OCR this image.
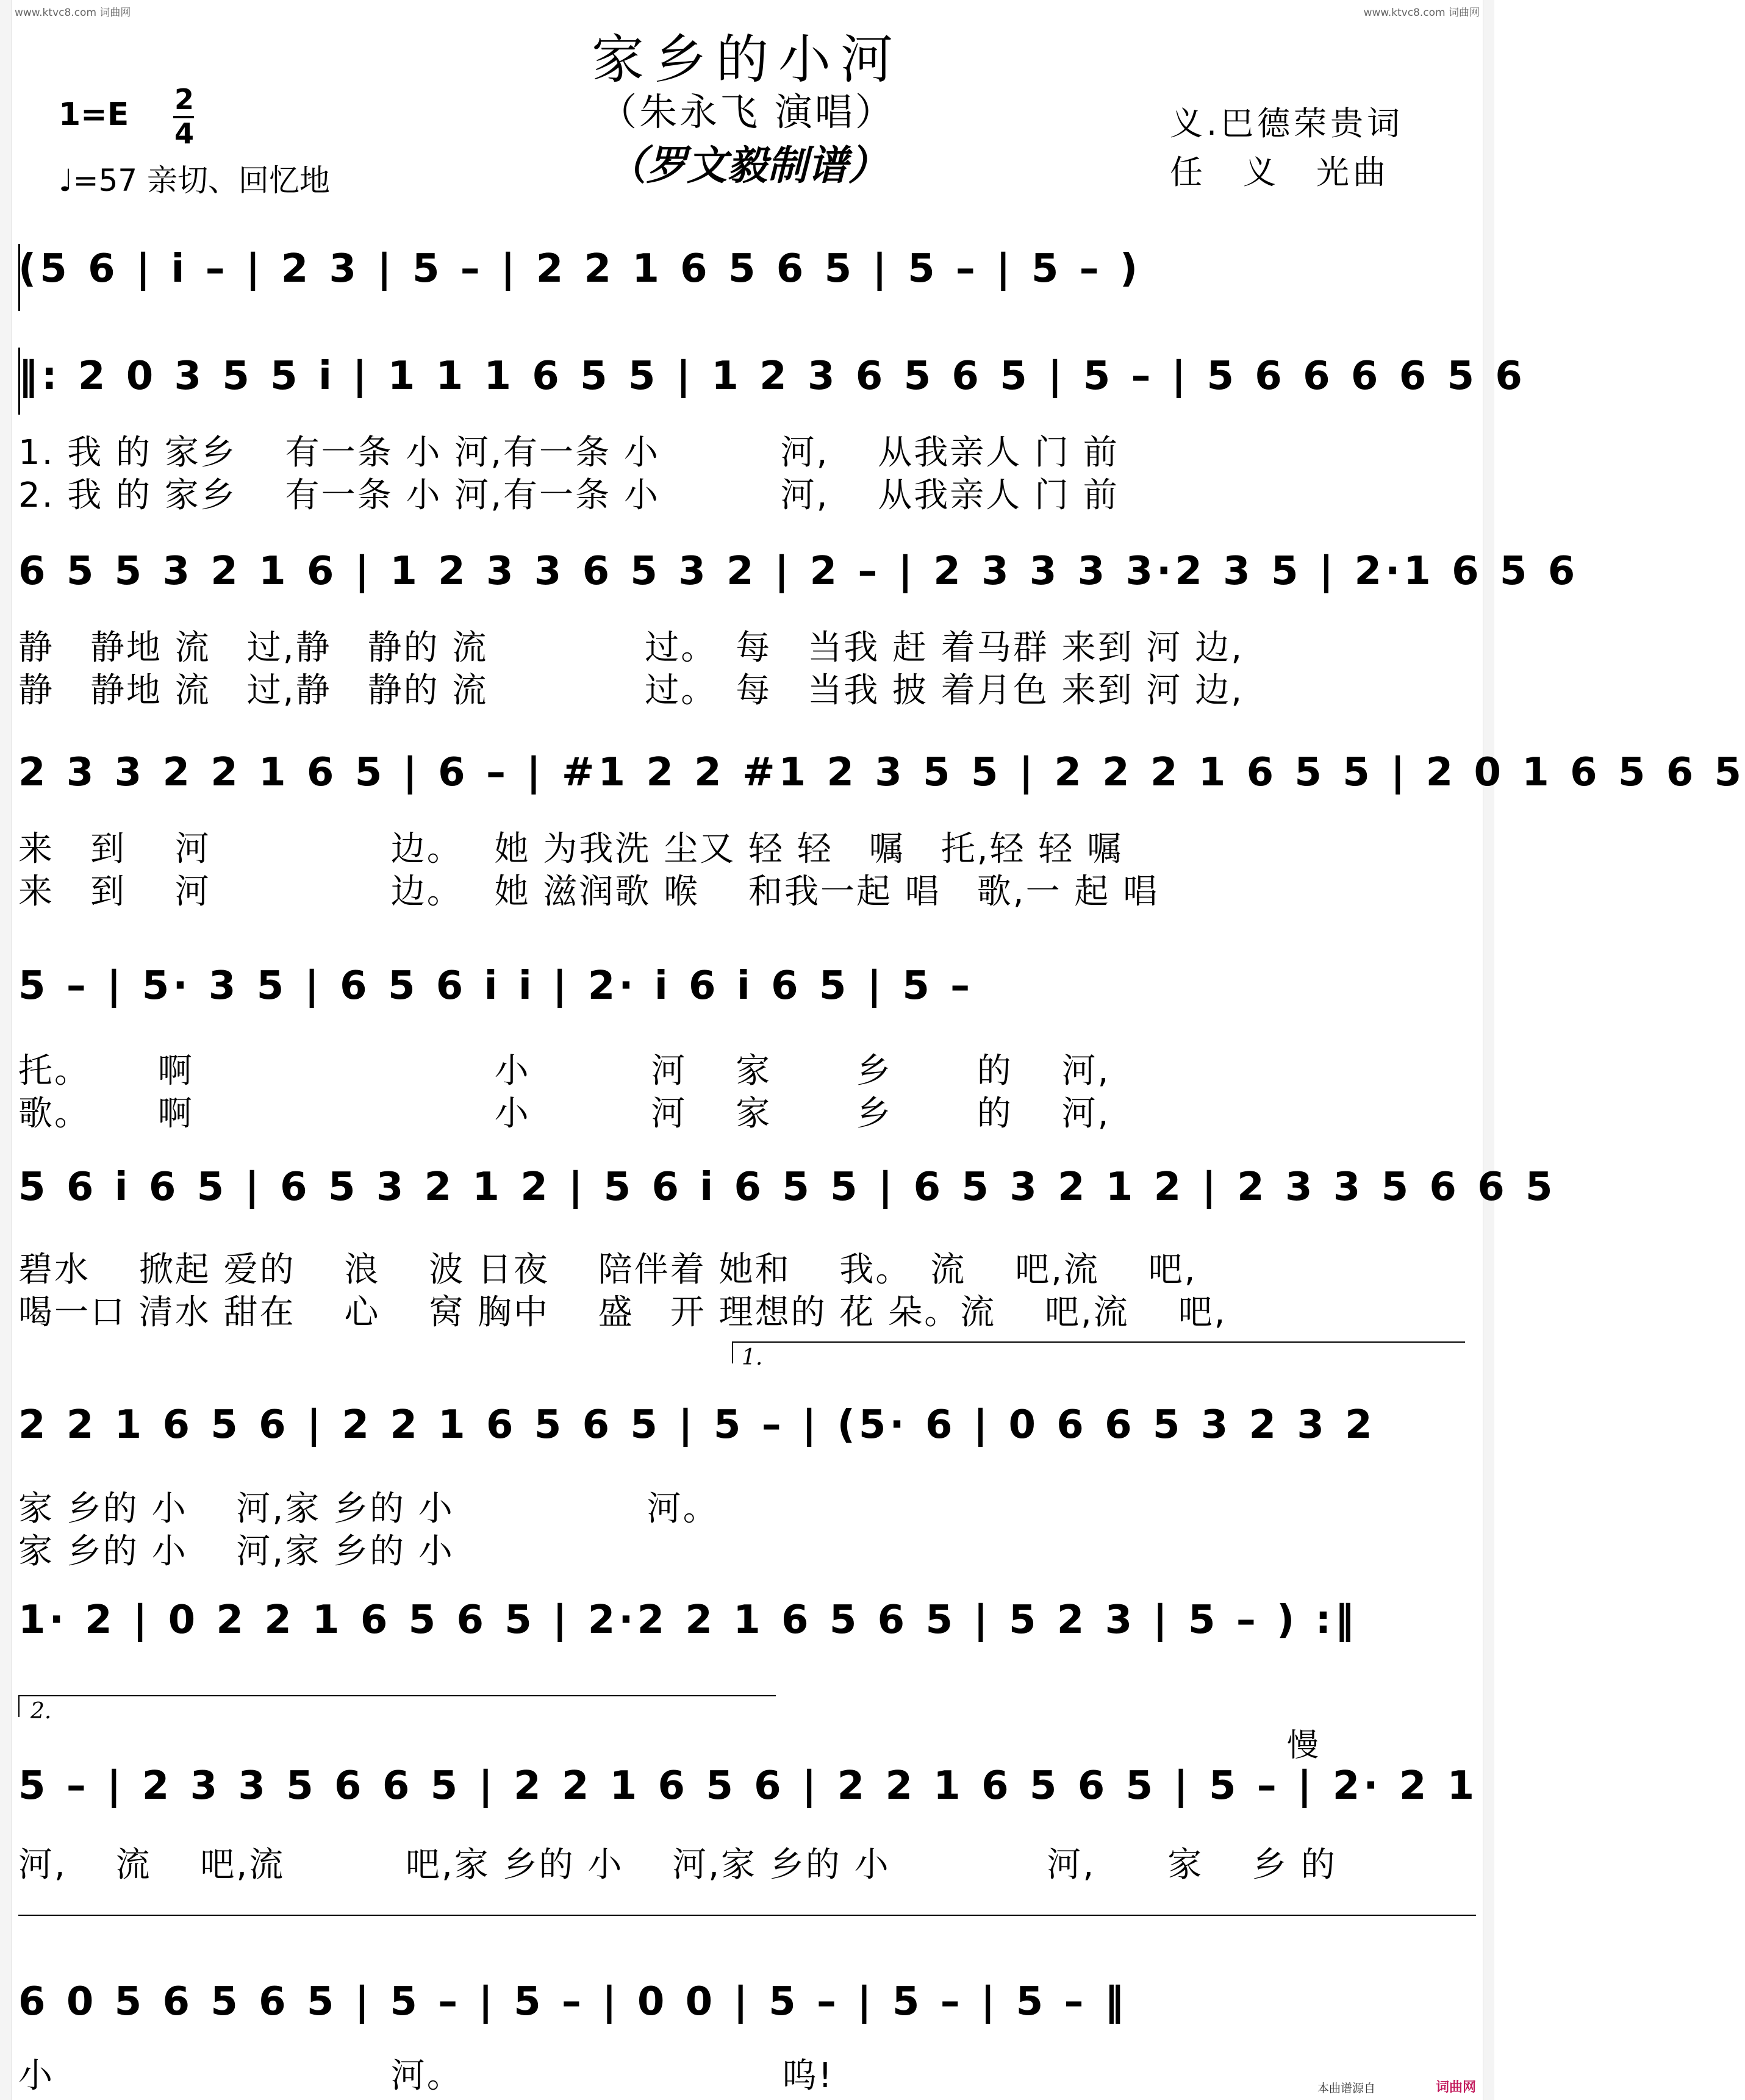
www.ktvc8.com 词曲网	www.ktvc8.com 词曲网
家乡的小河
（朱永飞 演唱）
（罗文毅制谱）
1=E 2
4
♩=57 亲切、回忆地
义.巴德荣贵词
任　义　光曲
(5 6 | i – | 2 3 | 5 – | 2 2 1 6 5 6 5 | 5 – | 5 – )
‖: 2 0 3 5 5 i | 1 1 1 6 5 5 | 1 2 3 6 5 6 5 | 5 – | 5 6 6 6 6 5 6
1. 我 的 家乡　 有一条 小 河,有一条 小　　　 河,　 从我亲人 门 前
2. 我 的 家乡　 有一条 小 河,有一条 小　　　 河,　 从我亲人 门 前
6 5 5 3 2 1 6 | 1 2 3 3 6 5 3 2 | 2 – | 2 3 3 3 3·2 3 5 | 2·1 6 5 6
静　静地 流　过,静　静的 流　　　　 过。　每　当我 赶 着马群 来到 河 边,
静　静地 流　过,静　静的 流　　　　 过。　每　当我 披 着月色 来到 河 边,
2 3 3 2 2 1 6 5 | 6 – | #1 2 2 #1 2 3 5 5 | 2 2 2 1 6 5 5 | 2 0 1 6 5 6 5
来　到　 河　　　　　边。　 她 为我洗 尘又 轻 轻　嘱　托,轻 轻 嘱
来　到　 河　　　　　边。　 她 滋润歌 喉　 和我一起 唱　歌,一 起 唱
5 – | 5· 3 5 | 6 5 6 i i | 2· i 6 i 6 5 | 5 –
托。　　 啊　　　　　　　　 小　　　 河　 家　　 乡　　 的　 河,
歌。　　 啊　　　　　　　　 小　　　 河　 家　　 乡　　 的　 河,
5 6 i 6 5 | 6 5 3 2 1 2 | 5 6 i 6 5 5 | 6 5 3 2 1 2 | 2 3 3 5 6 6 5
碧水　 掀起 爱的　 浪　 波 日夜　 陪伴着 她和　 我。　流　 吧,流　 吧,
喝一口 清水 甜在　 心　 窝 胸中　 盛　开 理想的 花 朵。流　 吧,流　 吧,
1.
2 2 1 6 5 6 | 2 2 1 6 5 6 5 | 5 – | (5· 6 | 0 6 6 5 3 2 3 2
家 乡的 小　 河,家 乡的 小　　　　　 河。
家 乡的 小　 河,家 乡的 小
1· 2 | 0 2 2 1 6 5 6 5 | 2·2 2 1 6 5 6 5 | 5 2 3 | 5 – ) :‖
2.
慢
5 – | 2 3 3 5 6 6 5 | 2 2 1 6 5 6 | 2 2 1 6 5 6 5 | 5 – | 2· 2 1
河,　 流　 吧,流　　　 吧,家 乡的 小　 河,家 乡的 小　　　　 河,　　家　 乡 的
6 0 5 6 5 6 5 | 5 – | 5 – | 0 0 | 5 – | 5 – | 5 – ‖
小　　　　　　　　　 河。　　　　　　　　　 呜!	本曲谱源自	词曲网
